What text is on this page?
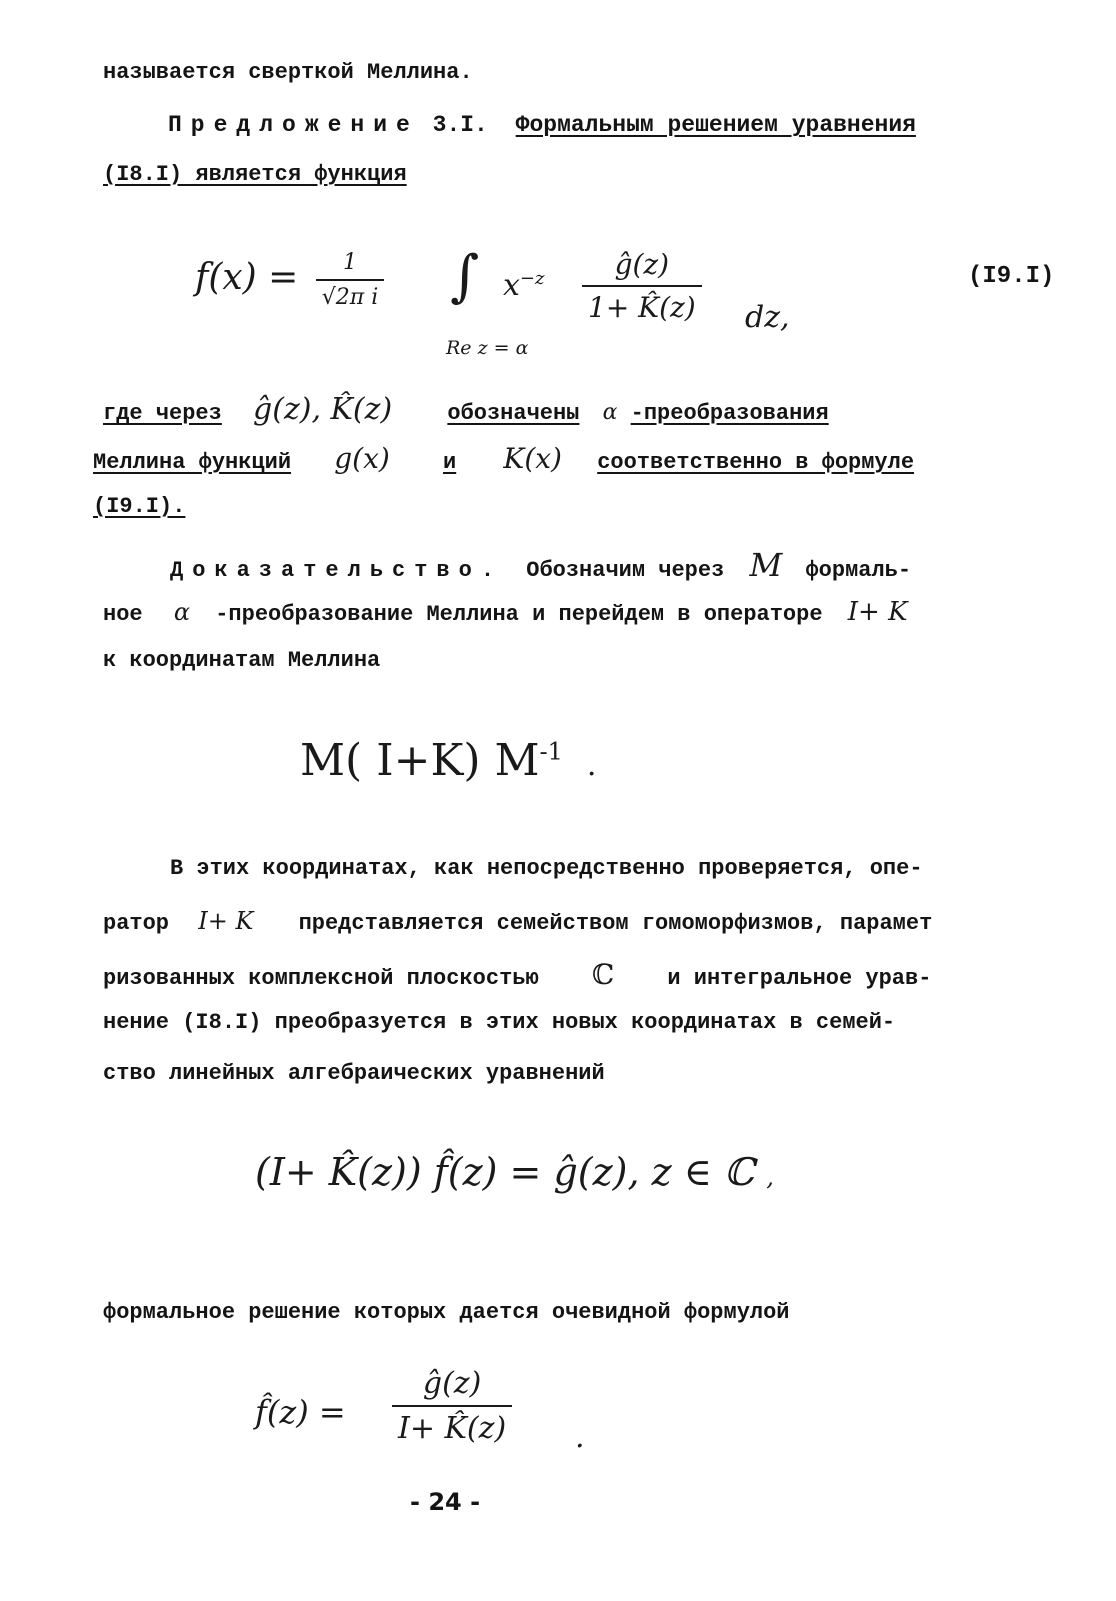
называется сверткой Меллина.
Предложение 3.I. Формальным решением уравнения
(I8.I) является функция
$f(x) = \frac{1}{\text{√2π i}}$ ∫
Re z = α
$x^{-z} \frac{ĝ(z)}{1+ K̂(z)}$ dz,
(I9.I)
где через ĝ(z), K̂(z)	обозначены α -преобразования
Меллина функций g(x) и K(x) соответственно в формуле
(I9.I).
Доказательство. Обозначим через M формаль-
ное α -преобразование Меллина и перейдем в операторе I+ K
к координатам Меллина
M( I+K) $M^{-1}$ .
В этих координатах, как непосредственно проверяется, опе-
ратор I+ K представляется семейством гомоморфизмов, парамет
ризованных комплексной плоскостью ℂ и интегральное урав-
нение (I8.I) преобразуется в этих новых координатах в семей-
ство линейных алгебраических уравнений
(I+ K̂(z)) f̂(z) = ĝ(z), z ∈ ℂ ,
формальное решение которых дается очевидной формулой
f̂(z) = $\frac{ĝ(z)}{I+ K̂(z)}$ .
- 24 -
